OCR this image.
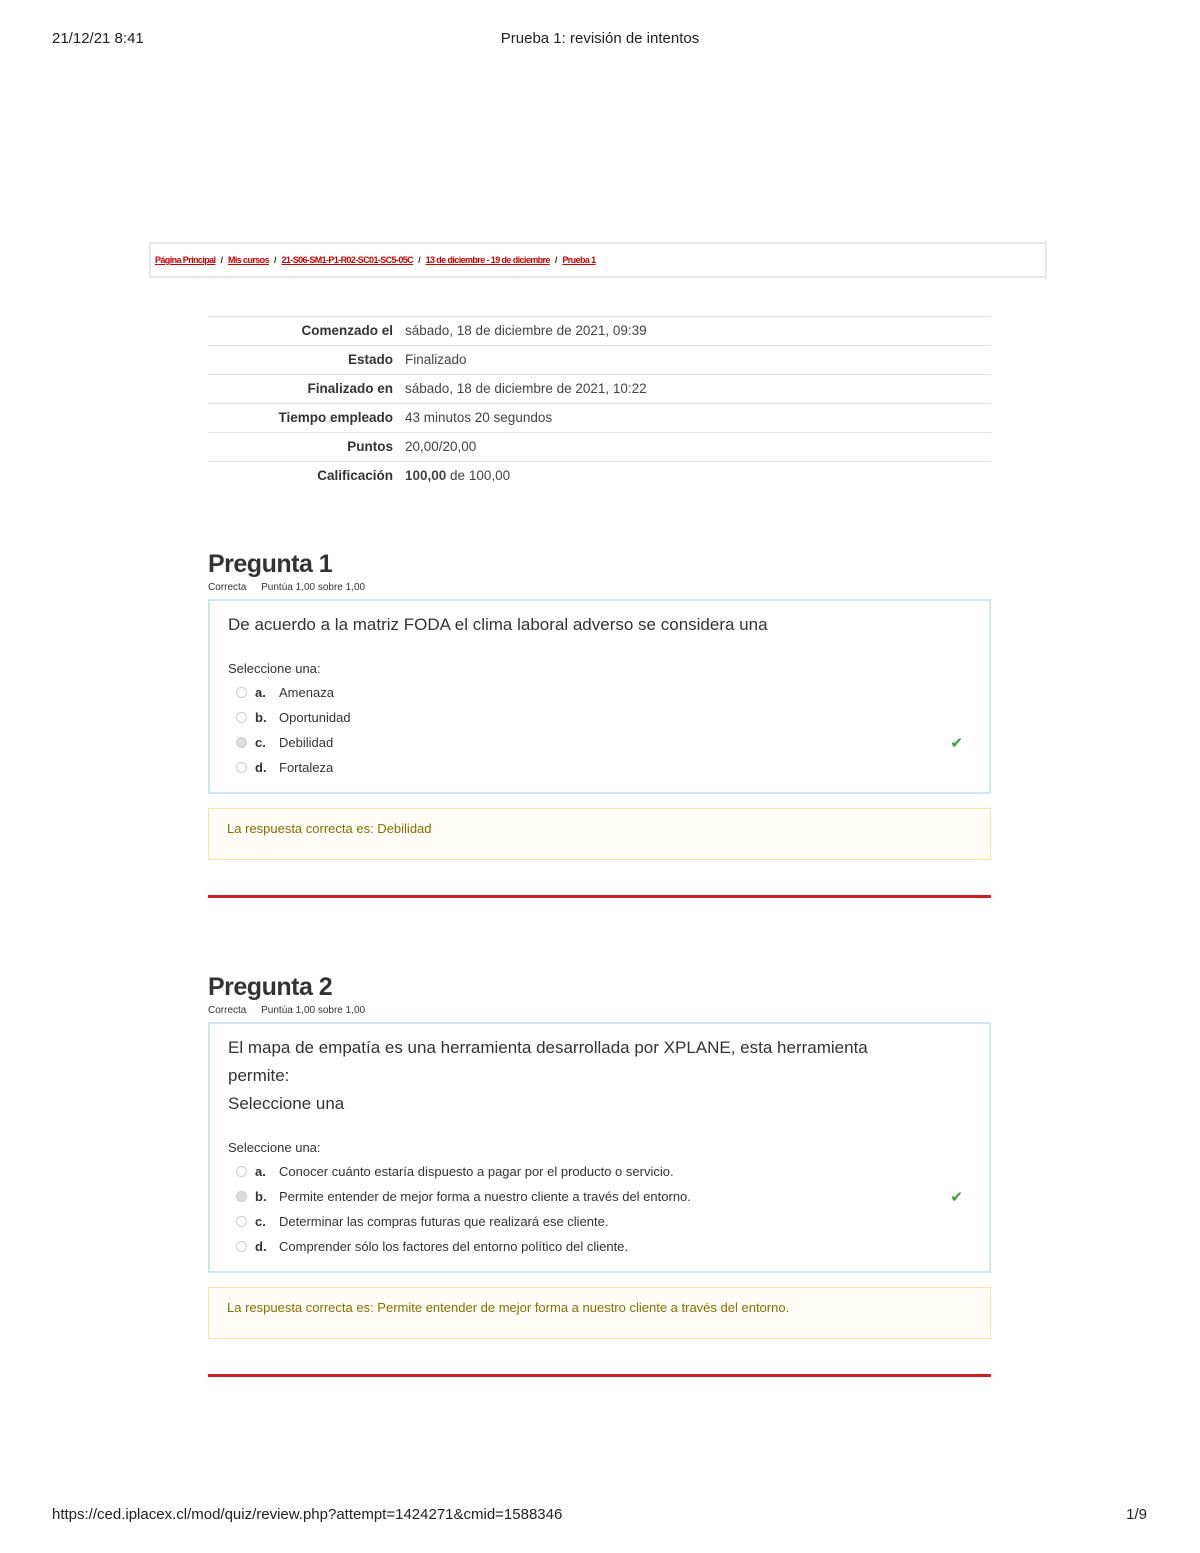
21/12/21 8:41	Prueba 1: revisión de intentos
Página Principal / Mis cursos / 21-S06-SM1-P1-R02-SC01-SC5-05C / 13 de diciembre - 19 de diciembre / Prueba 1
Comenzado el	sábado, 18 de diciembre de 2021, 09:39
Estado	Finalizado
Finalizado en	sábado, 18 de diciembre de 2021, 10:22
Tiempo empleado	43 minutos 20 segundos
Puntos	20,00/20,00
Calificación	100,00 de 100,00
Pregunta 1
Correcta Puntúa 1,00 sobre 1,00
De acuerdo a la matriz FODA el clima laboral adverso se considera una
Seleccione una:
a.	Amenaza
b. Oportunidad
c.	Debilidad	✔
d. Fortaleza
La respuesta correcta es: Debilidad
Pregunta 2
Correcta Puntúa 1,00 sobre 1,00
El mapa de empatía es una herramienta desarrollada por XPLANE, esta herramienta permite:
Seleccione una
Seleccione una:
a.	Conocer cuánto estaría dispuesto a pagar por el producto o servicio.
b. Permite entender de mejor forma a nuestro cliente a través del entorno.	✔
c.	Determinar las compras futuras que realizará ese cliente.
d. Comprender sólo los factores del entorno político del cliente.
La respuesta correcta es: Permite entender de mejor forma a nuestro cliente a través del entorno.
https://ced.iplacex.cl/mod/quiz/review.php?attempt=1424271&cmid=1588346	1/9
